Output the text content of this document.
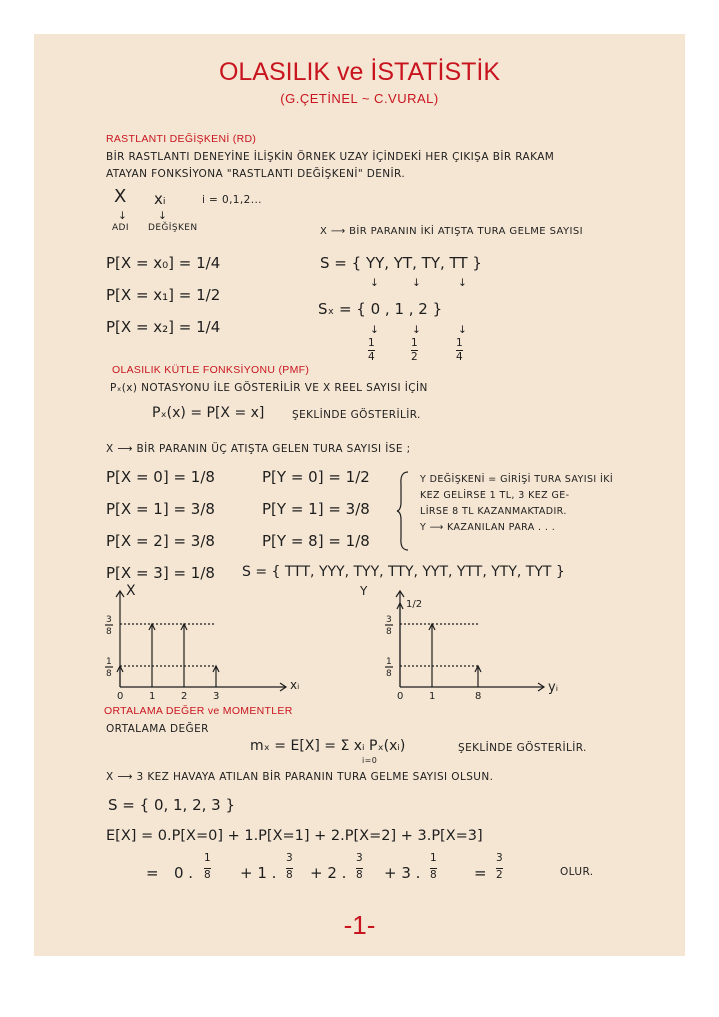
OLASILIK ve İSTATİSTİK
(G.ÇETİNEL ~ C.VURAL)
RASTLANTI DEĞİŞKENİ (RD)
BİR RASTLANTI DENEYİNE İLİŞKİN ÖRNEK UZAY İÇİNDEKİ HER ÇIKIŞA BİR RAKAM
ATAYAN FONKSİYONA "RASTLANTI DEĞİŞKENİ" DENİR.
X xᵢ	i = 0,1,2...
↓	↓
ADI DEĞİŞKEN	X ⟶ BİR PARANIN İKİ ATIŞTA TURA GELME SAYISI
P[X = x₀] = 1/4
P[X = x₁] = 1/2
P[X = x₂] = 1/4
S = { YY, YT, TY, TT }
↓	↓	↓
Sₓ = { 0 , 1 , 2 }
↓	↓	↓
1
4
1
2
1
4
OLASILIK KÜTLE FONKSİYONU (PMF)
Pₓ(x) NOTASYONU İLE GÖSTERİLİR VE X REEL SAYISI İÇİN
Pₓ(x) = P[X = x]	ŞEKLİNDE GÖSTERİLİR.
X ⟶ BİR PARANIN ÜÇ ATIŞTA GELEN TURA SAYISI İSE ;
P[X = 0] = 1/8
P[X = 1] = 3/8
P[X = 2] = 3/8
P[X = 3] = 1/8
P[Y = 0] = 1/2
P[Y = 1] = 3/8
P[Y = 8] = 1/8
Y DEĞİŞKENİ = GİRİŞİ TURA SAYISI İKİ
KEZ GELİRSE 1 TL, 3 KEZ GE-
LİRSE 8 TL KAZANMAKTADIR.
Y ⟶ KAZANILAN PARA . . .
S = { TTT, YYY, TYY, TTY, YYT, YTT, YTY, TYT }
3
8
1
8
0	1	2	3
xᵢ
X
3
8
1
8
0	1	8
1/2
yᵢ
Y
ORTALAMA DEĞER ve MOMENTLER
ORTALAMA DEĞER
mₓ = E[X] = Σ xᵢ Pₓ(xᵢ)
i=0
ŞEKLİNDE GÖSTERİLİR.
X ⟶ 3 KEZ HAVAYA ATILAN BİR PARANIN TURA GELME SAYISI OLSUN.
S = { 0, 1, 2, 3 }
E[X] = 0.P[X=0] + 1.P[X=1] + 2.P[X=2] + 3.P[X=3]
= 0 .
1
8 + 1 .
3
8 + 2 .
3
8 + 3 .
1
8 =
3
2	OLUR.
-1-
